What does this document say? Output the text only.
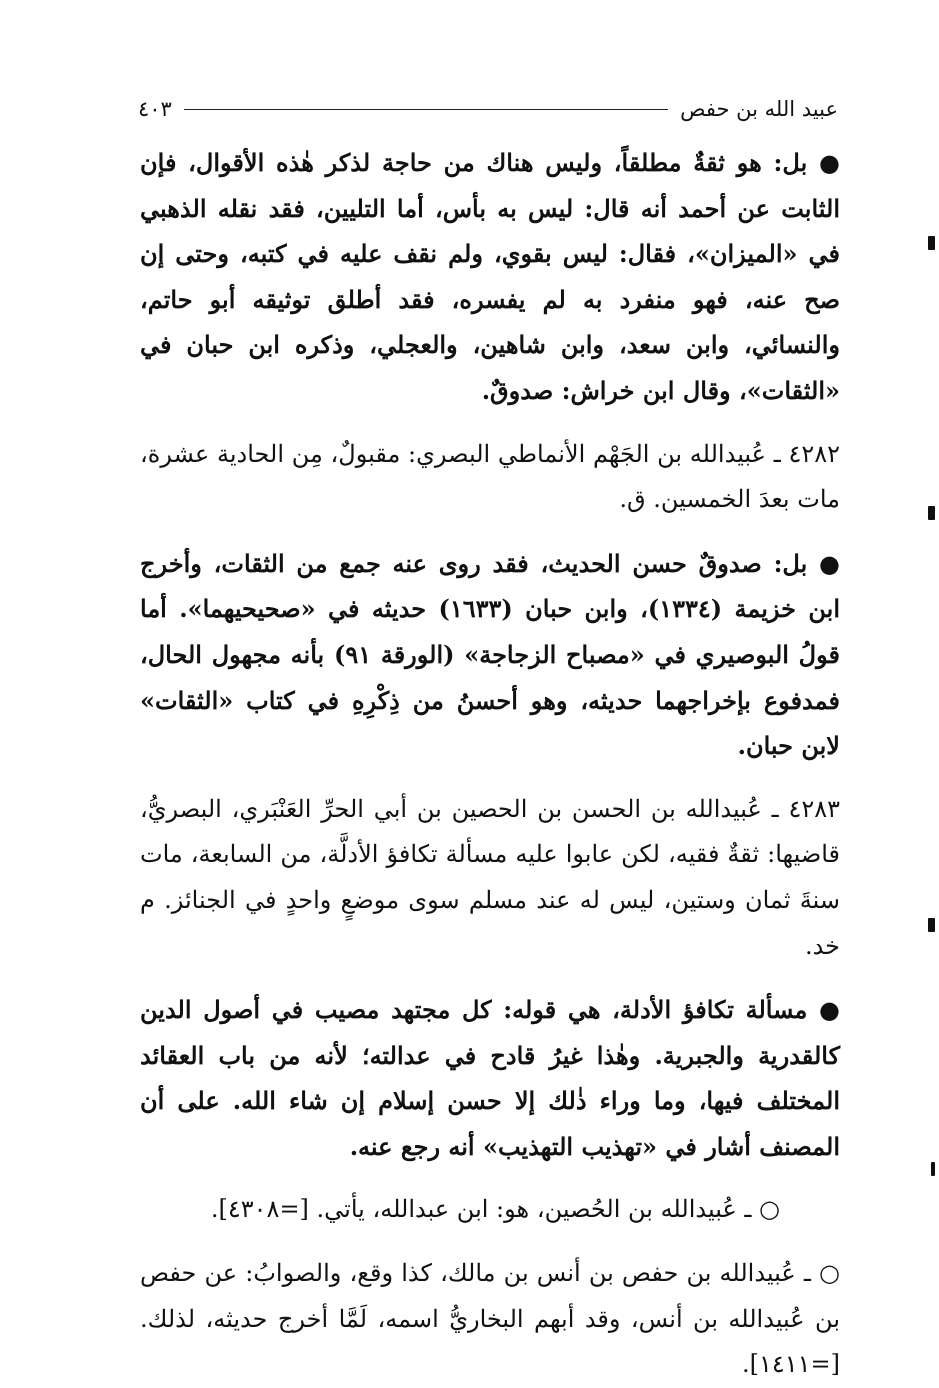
عبيد الله بن حفص
٤٠٣

● بل: هو ثقةٌ مطلقاً، وليس هناك من حاجة لذكر هٰذه الأقوال، فإن الثابت عن أحمد أنه قال: ليس به بأس، أما التليين، فقد نقله الذهبي في «الميزان»، فقال: ليس بقوي، ولم نقف عليه في كتبه، وحتى إن صح عنه، فهو منفرد به لم يفسره، فقد أطلق توثيقه أبو حاتم، والنسائي، وابن سعد، وابن شاهين، والعجلي، وذكره ابن حبان في «الثقات»، وقال ابن خراش: صدوقٌ.

٤٢٨٢ ـ عُبيدالله بن الجَهْم الأنماطي البصري: مقبولٌ، مِن الحادية عشرة، مات بعدَ الخمسين. ق.

● بل: صدوقٌ حسن الحديث، فقد روى عنه جمع من الثقات، وأخرج ابن خزيمة (١٣٣٤)، وابن حبان (١٦٣٣) حديثه في «صحيحيهما». أما قولُ البوصيري في «مصباح الزجاجة» (الورقة ٩١) بأنه مجهول الحال، فمدفوع بإخراجهما حديثه، وهو أحسنُ من ذِكْرِهِ في كتاب «الثقات» لابن حبان.

٤٢٨٣ ـ عُبيدالله بن الحسن بن الحصين بن أبي الحرِّ العَنْبَري، البصريُّ، قاضيها: ثقةٌ فقيه، لكن عابوا عليه مسألة تكافؤ الأدلَّة، من السابعة، مات سنةَ ثمان وستين، ليس له عند مسلم سوى موضعٍ واحدٍ في الجنائز. م خد.

● مسألة تكافؤ الأدلة، هي قوله: كل مجتهد مصيب في أصول الدين كالقدرية والجبرية. وهٰذا غيرُ قادح في عدالته؛ لأنه من باب العقائد المختلف فيها، وما وراء ذٰلك إلا حسن إسلام إن شاء الله. على أن المصنف أشار في «تهذيب التهذيب» أنه رجع عنه.

○ ـ عُبيدالله بن الحُصين، هو: ابن عبدالله، يأتي. [=٤٣٠٨].

○ ـ عُبيدالله بن حفص بن أنس بن مالك، كذا وقع، والصوابُ: عن حفص بن عُبيدالله بن أنس، وقد أبهم البخاريُّ اسمه، لَمَّا أخرج حديثه، لذلك. [=١٤١١].
